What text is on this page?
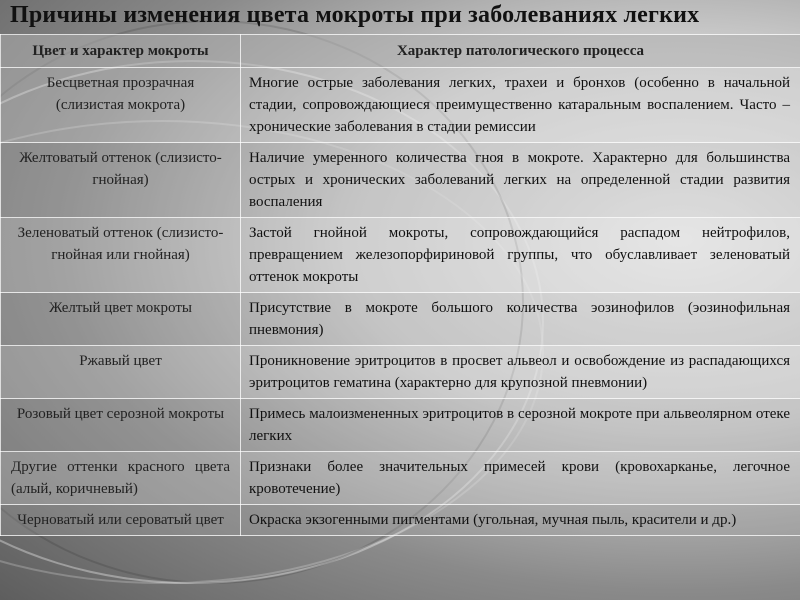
Причины изменения цвета мокроты при заболеваниях легких
Цвет и характер мокроты	Характер патологического процесса
Бесцветная прозрачная (слизистая мокрота)	Многие острые заболевания легких, трахеи и бронхов (особенно в начальной стадии, сопровождающиеся преимущественно катаральным воспалением. Часто – хронические заболевания в стадии ремиссии
Желтоватый оттенок (слизисто-гнойная)	Наличие умеренного количества гноя в мокроте. Характерно для большинства острых и хронических заболеваний легких на определенной стадии развития воспаления
Зеленоватый оттенок (слизисто-гнойная или гнойная)	Застой гнойной мокроты, сопровождающийся распадом нейтрофилов, превращением железопорфириновой группы, что обуславливает зеленоватый оттенок мокроты
Желтый цвет мокроты	Присутствие в мокроте большого количества эозинофилов (эозинофильная пневмония)
Ржавый цвет	Проникновение эритроцитов в просвет альвеол и освобождение из распадающихся эритроцитов гематина (характерно для крупозной пневмонии)
Розовый цвет серозной мокроты	Примесь малоизмененных эритроцитов в серозной мокроте при альвеолярном отеке легких
Другие оттенки красного цвета (алый, коричневый)	Признаки более значительных примесей крови (кровохарканье, легочное кровотечение)
Черноватый или сероватый цвет	Окраска экзогенными пигментами (угольная, мучная пыль, красители и др.)
